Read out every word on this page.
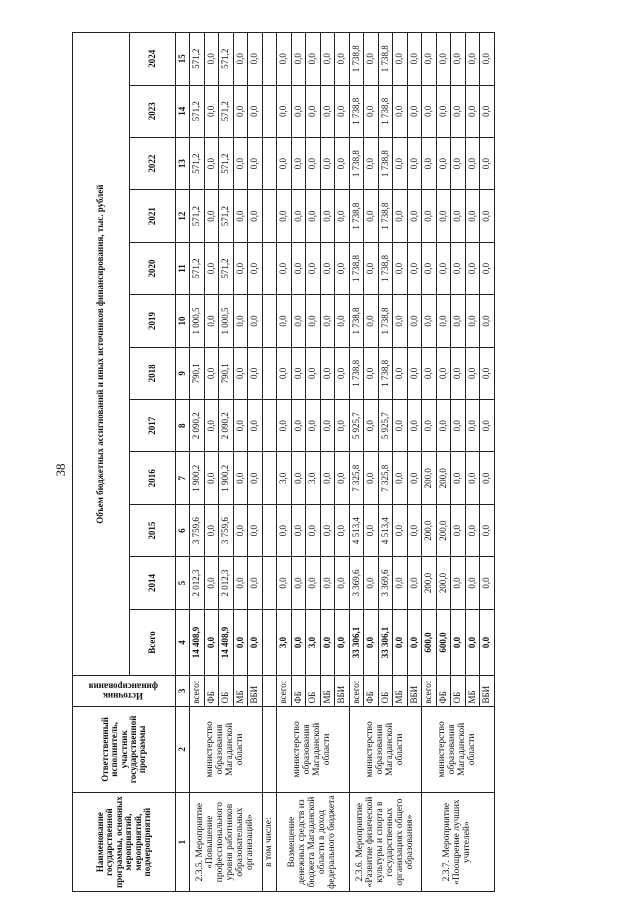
38
Наименование государственной программы, основных мероприятий, мероприятий, подмероприятий	Ответственный исполнитель, участник государственной программы	Источник финансирования	Объем бюджетных ассигнований и иных источников финансирования, тыс. рублей											
			Всего	2014	2015	2016	2017	2018	2019	2020	2021	2022	2023	2024
1	2	3	4	5	6	7	8	9	10	11	12	13	14	15
2.3.5. Мероприятие «Повышение профессионального уровня работников образовательных организаций»	министерство образования Магаданской области	всего:	14 408,9	2 012,3	3 759,6	1 900,2	2 090,2	790,1	1 000,5	571,2	571,2	571,2	571,2	571,2
		ФБ	0,0	0,0	0,0	0,0	0,0	0,0	0,0	0,0	0,0	0,0	0,0	0,0
		ОБ	14 408,9	2 012,3	3 759,6	1 900,2	2 090,2	790,1	1 000,5	571,2	571,2	571,2	571,2	571,2
		МБ	0,0	0,0	0,0	0,0	0,0	0,0	0,0	0,0	0,0	0,0	0,0	0,0
		ВБИ	0,0	0,0	0,0	0,0	0,0	0,0	0,0	0,0	0,0	0,0	0,0	0,0
в том числе:														
Возмещение денежных средств из бюджета Магаданской области в доход федерального бюджета	министерство образования Магаданской области	всего:	3,0	0,0	0,0	3,0	0,0	0,0	0,0	0,0	0,0	0,0	0,0	0,0
		ФБ	0,0	0,0	0,0	0,0	0,0	0,0	0,0	0,0	0,0	0,0	0,0	0,0
		ОБ	3,0	0,0	0,0	3,0	0,0	0,0	0,0	0,0	0,0	0,0	0,0	0,0
		МБ	0,0	0,0	0,0	0,0	0,0	0,0	0,0	0,0	0,0	0,0	0,0	0,0
		ВБИ	0,0	0,0	0,0	0,0	0,0	0,0	0,0	0,0	0,0	0,0	0,0	0,0
2.3.6. Мероприятие «Развитие физической культуры и спорта в государственных организациях общего образования»	министерство образования Магаданской области	всего:	33 306,1	3 369,6	4 513,4	7 325,8	5 925,7	1 738,8	1 738,8	1 738,8	1 738,8	1 738,8	1 738,8	1 738,8
		ФБ	0,0	0,0	0,0	0,0	0,0	0,0	0,0	0,0	0,0	0,0	0,0	0,0
		ОБ	33 306,1	3 369,6	4 513,4	7 325,8	5 925,7	1 738,8	1 738,8	1 738,8	1 738,8	1 738,8	1 738,8	1 738,8
		МБ	0,0	0,0	0,0	0,0	0,0	0,0	0,0	0,0	0,0	0,0	0,0	0,0
		ВБИ	0,0	0,0	0,0	0,0	0,0	0,0	0,0	0,0	0,0	0,0	0,0	0,0
2.3.7. Мероприятие «Поощрение лучших учителей»	министерство образования Магаданской области	всего:	600,0	200,0	200,0	200,0	0,0	0,0	0,0	0,0	0,0	0,0	0,0	0,0
		ФБ	600,0	200,0	200,0	200,0	0,0	0,0	0,0	0,0	0,0	0,0	0,0	0,0
		ОБ	0,0	0,0	0,0	0,0	0,0	0,0	0,0	0,0	0,0	0,0	0,0	0,0
		МБ	0,0	0,0	0,0	0,0	0,0	0,0	0,0	0,0	0,0	0,0	0,0	0,0
		ВБИ	0,0	0,0	0,0	0,0	0,0	0,0	0,0	0,0	0,0	0,0	0,0	0,0
